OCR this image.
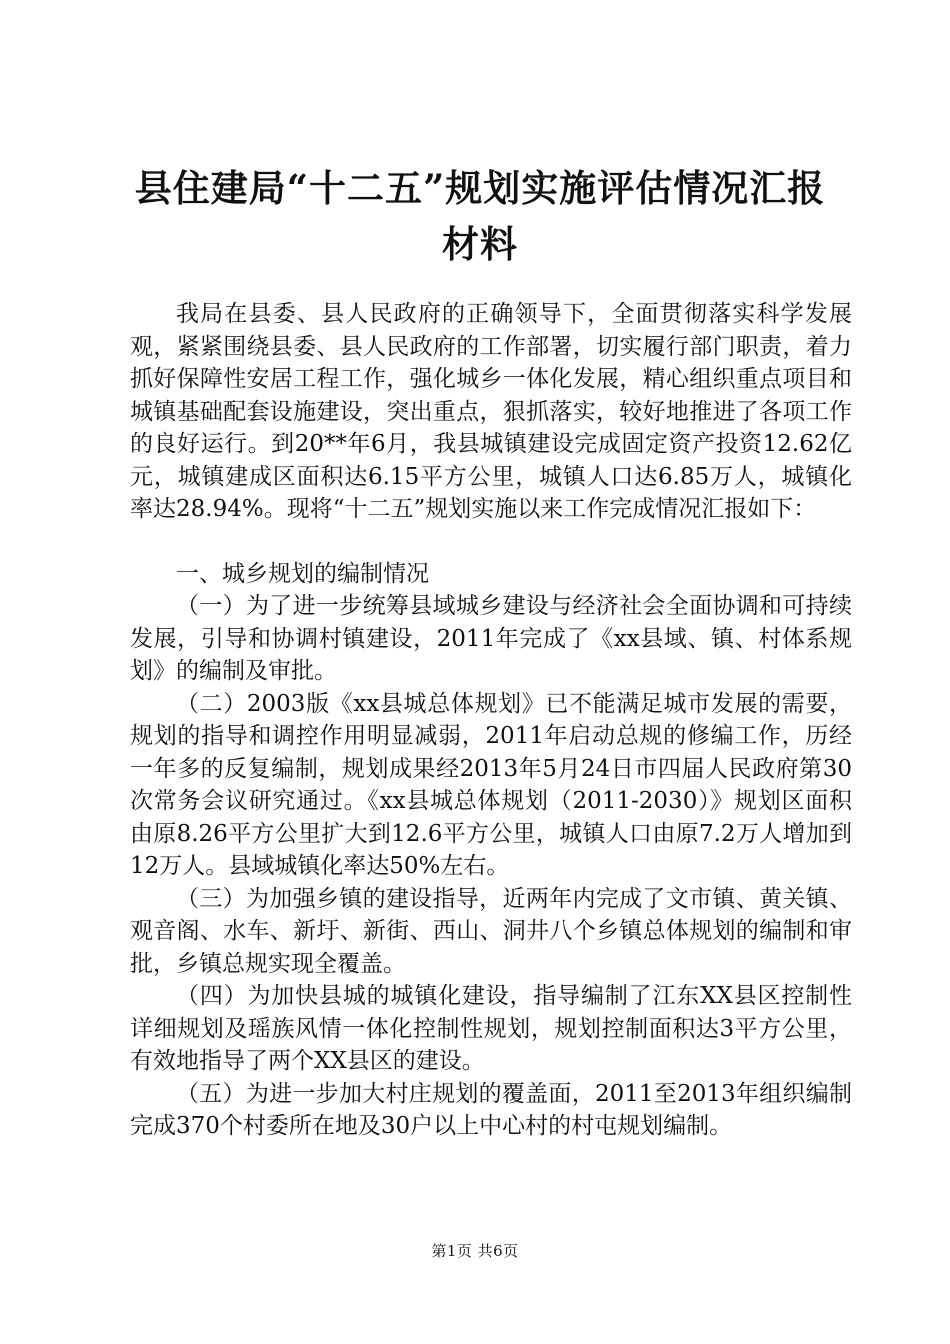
县住建局“十二五”规划实施评估情况汇报材料

我局在县委、县人民政府的正确领导下，全面贯彻落实科学发展观，紧紧围绕县委、县人民政府的工作部署，切实履行部门职责，着力抓好保障性安居工程工作，强化城乡一体化发展，精心组织重点项目和城镇基础配套设施建设，突出重点，狠抓落实，较好地推进了各项工作的良好运行。到20**年6月，我县城镇建设完成固定资产投资12.62亿元，城镇建成区面积达6.15平方公里，城镇人口达6.85万人，城镇化率达28.94%。现将“十二五”规划实施以来工作完成情况汇报如下：

一、城乡规划的编制情况

（一）为了进一步统筹县域城乡建设与经济社会全面协调和可持续发展，引导和协调村镇建设，2011年完成了《xx县域、镇、村体系规划》的编制及审批。

（二）2003版《xx县城总体规划》已不能满足城市发展的需要，规划的指导和调控作用明显减弱，2011年启动总规的修编工作，历经一年多的反复编制，规划成果经2013年5月24日市四届人民政府第30次常务会议研究通过。《xx县城总体规划（2011-2030）》规划区面积由原8.26平方公里扩大到12.6平方公里，城镇人口由原7.2万人增加到12万人。县域城镇化率达50%左右。

（三）为加强乡镇的建设指导，近两年内完成了文市镇、黄关镇、观音阁、水车、新圩、新街、西山、洞井八个乡镇总体规划的编制和审批，乡镇总规实现全覆盖。

（四）为加快县城的城镇化建设，指导编制了江东XX县区控制性详细规划及瑶族风情一体化控制性规划，规划控制面积达3平方公里，有效地指导了两个XX县区的建设。

（五）为进一步加大村庄规划的覆盖面，2011至2013年组织编制完成370个村委所在地及30户以上中心村的村屯规划编制。

第1页 共6页
